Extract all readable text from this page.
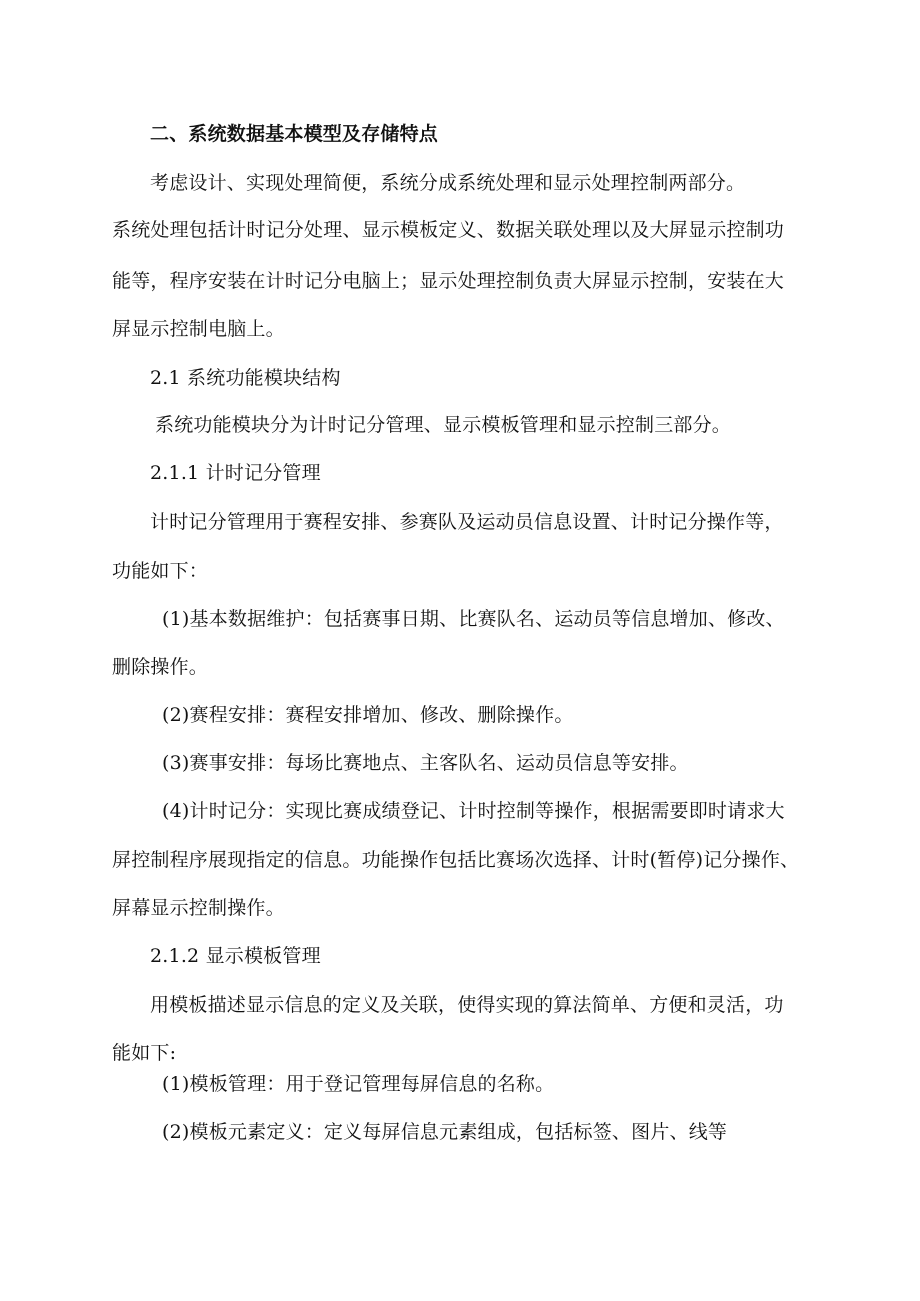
二、系统数据基本模型及存储特点
考虑设计、实现处理简便，系统分成系统处理和显示处理控制两部分。
系统处理包括计时记分处理、显示模板定义、数据关联处理以及大屏显示控制功
能等，程序安装在计时记分电脑上；显示处理控制负责大屏显示控制，安装在大
屏显示控制电脑上。
2.1 系统功能模块结构
系统功能模块分为计时记分管理、显示模板管理和显示控制三部分。
2.1.1 计时记分管理
计时记分管理用于赛程安排、参赛队及运动员信息设置、计时记分操作等，
功能如下：
(1)基本数据维护：包括赛事日期、比赛队名、运动员等信息增加、修改、
删除操作。
(2)赛程安排：赛程安排增加、修改、删除操作。
(3)赛事安排：每场比赛地点、主客队名、运动员信息等安排。
(4)计时记分：实现比赛成绩登记、计时控制等操作，根据需要即时请求大
屏控制程序展现指定的信息。功能操作包括比赛场次选择、计时(暂停)记分操作、
屏幕显示控制操作。
2.1.2 显示模板管理
用模板描述显示信息的定义及关联，使得实现的算法简单、方便和灵活，功
能如下:
(1)模板管理：用于登记管理每屏信息的名称。
(2)模板元素定义：定义每屏信息元素组成，包括标签、图片、线等
